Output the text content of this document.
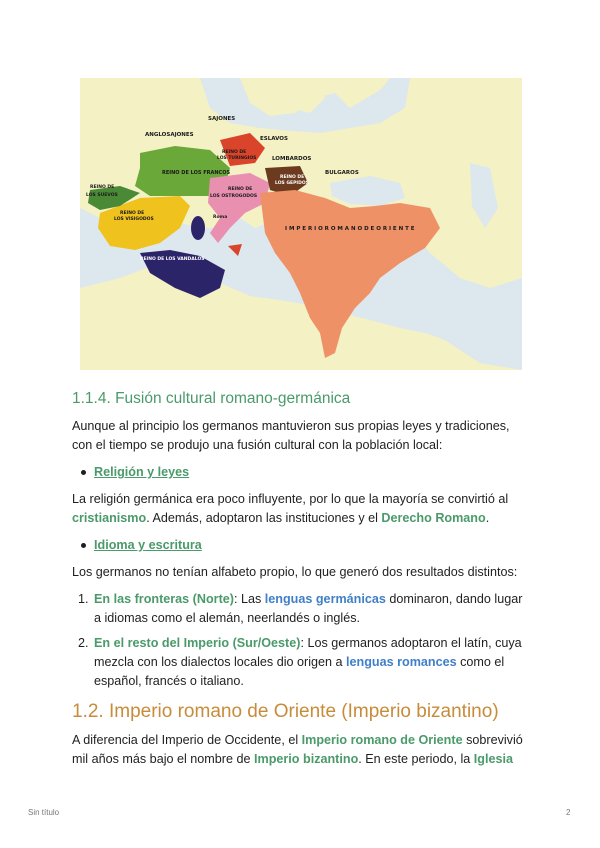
SAJONES
ANGLOSAJONES
ESLAVOS
REINO DE
LOS TURINGIOS	LOMBARDOS
REINO DE LOS FRANCOS	BULGAROS
REINO DE
LOS SUEVOS
REINO DE
LOS OSTROGODOS
REINO DE
LOS GEPIDOS
REINO DE
LOS VISIGODOS	Roma
I M P E R I O R O M A N O D E O R I E N T E
REINO DE LOS VANDALOS
1.1.4. Fusión cultural romano-germánica

Aunque al principio los germanos mantuvieron sus propias leyes y tradiciones, con el tiempo se produjo una fusión cultural con la población local:

Religión y leyes

La religión germánica era poco influyente, por lo que la mayoría se convirtió al cristianismo. Además, adoptaron las instituciones y el Derecho Romano.

Idioma y escritura

Los germanos no tenían alfabeto propio, lo que generó dos resultados distintos:

1. En las fronteras (Norte): Las lenguas germánicas dominaron, dando lugar a idiomas como el alemán, neerlandés o inglés.
2. En el resto del Imperio (Sur/Oeste): Los germanos adoptaron el latín, cuya mezcla con los dialectos locales dio origen a lenguas romances como el español, francés o italiano.
1.2. Imperio romano de Oriente (Imperio bizantino)

A diferencia del Imperio de Occidente, el Imperio romano de Oriente sobrevivió mil años más bajo el nombre de Imperio bizantino. En este periodo, la Iglesia

Sin título	2
